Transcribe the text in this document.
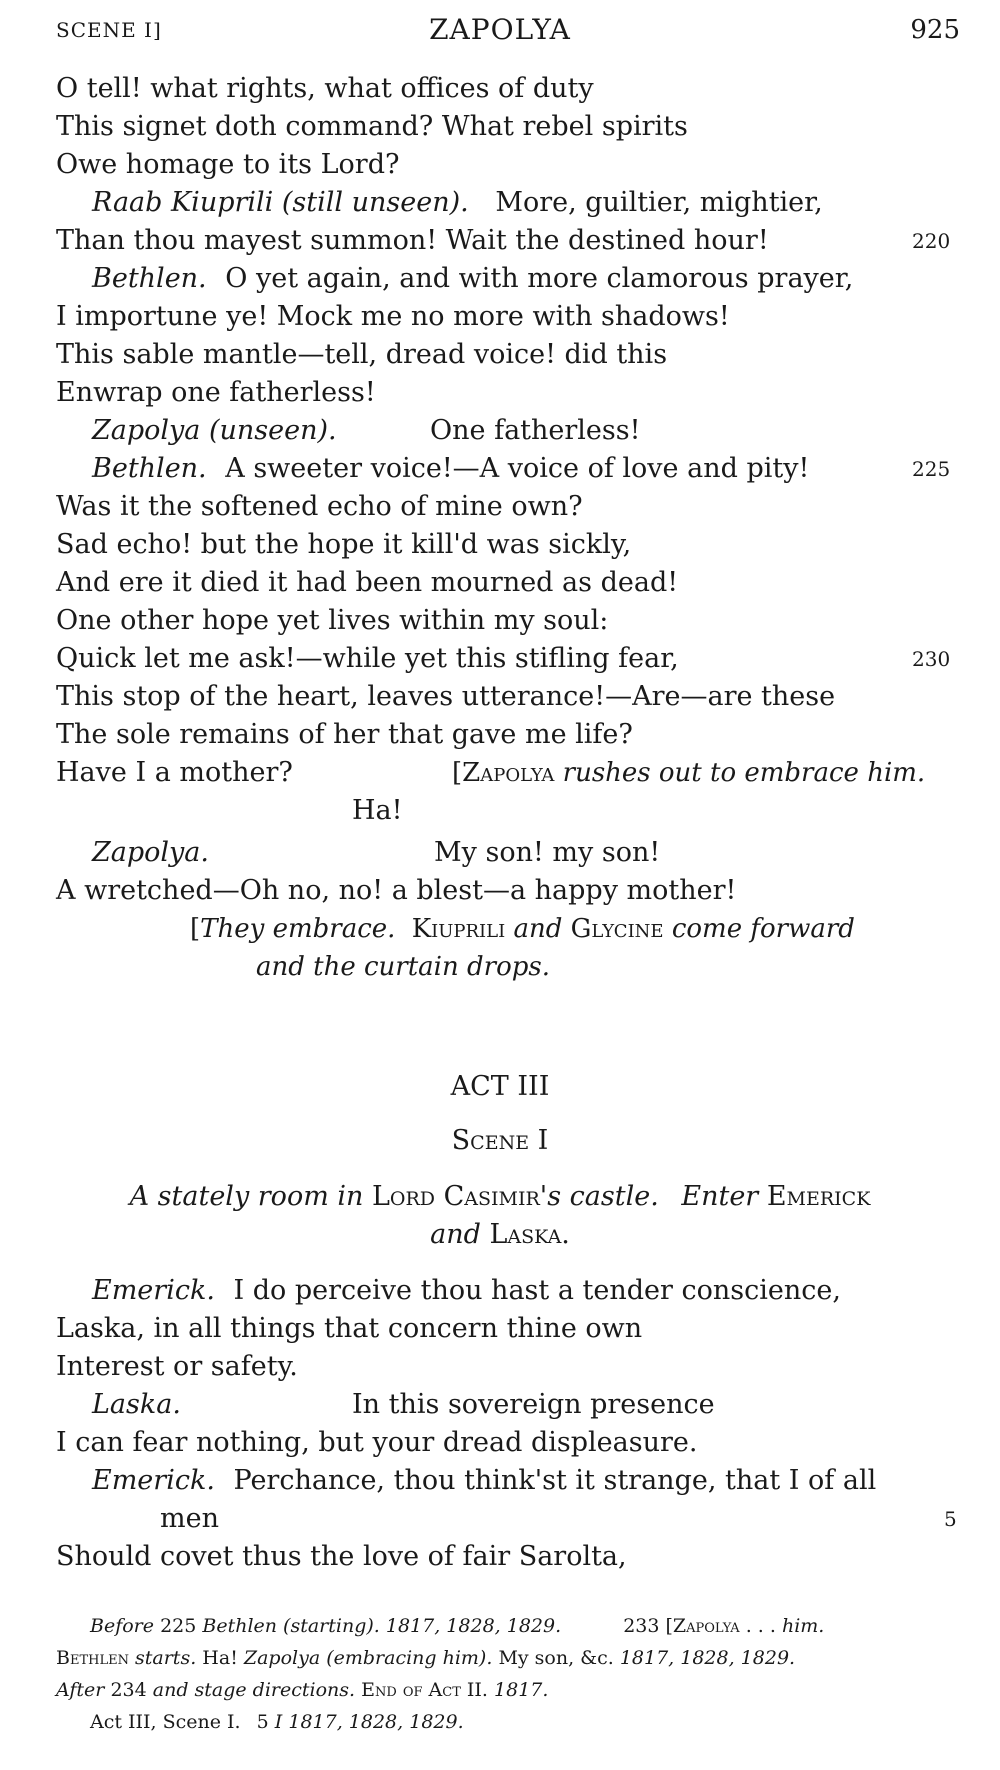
SCENE I]	ZAPOLYA	925
O tell! what rights, what offices of duty
This signet doth command? What rebel spirits
Owe homage to its Lord?
Raab Kiuprili (still unseen). More, guiltier, mightier,
Than thou mayest summon! Wait the destined hour!	220
Bethlen. O yet again, and with more clamorous prayer,
I importune ye! Mock me no more with shadows!
This sable mantle—tell, dread voice! did this
Enwrap one fatherless!
Zapolya (unseen).	One fatherless!
Bethlen. A sweeter voice!—A voice of love and pity!	225
Was it the softened echo of mine own?
Sad echo! but the hope it kill'd was sickly,
And ere it died it had been mourned as dead!
One other hope yet lives within my soul:
Quick let me ask!—while yet this stifling fear,	230
This stop of the heart, leaves utterance!—Are—are these
The sole remains of her that gave me life?
Have I a mother?	[Zapolya rushes out to embrace him.
Ha!
Zapolya.	My son! my son!
A wretched—Oh no, no! a blest—a happy mother!
[They embrace. Kiuprili and Glycine come forward
and the curtain drops.
ACT III
Scene I
A stately room in Lord Casimir's castle. Enter Emerick
and Laska.
Emerick. I do perceive thou hast a tender conscience,
Laska, in all things that concern thine own
Interest or safety.
Laska.	In this sovereign presence
I can fear nothing, but your dread displeasure.
Emerick. Perchance, thou think'st it strange, that I of all
men	5
Should covet thus the love of fair Sarolta,
Before 225 Bethlen (starting). 1817, 1828, 1829.	233 [Zapolya . . . him.
Bethlen starts. Ha! Zapolya (embracing him). My son, &c. 1817, 1828, 1829.
After 234 and stage directions. End of Act II. 1817.
Act III, Scene I. 5 I 1817, 1828, 1829.
